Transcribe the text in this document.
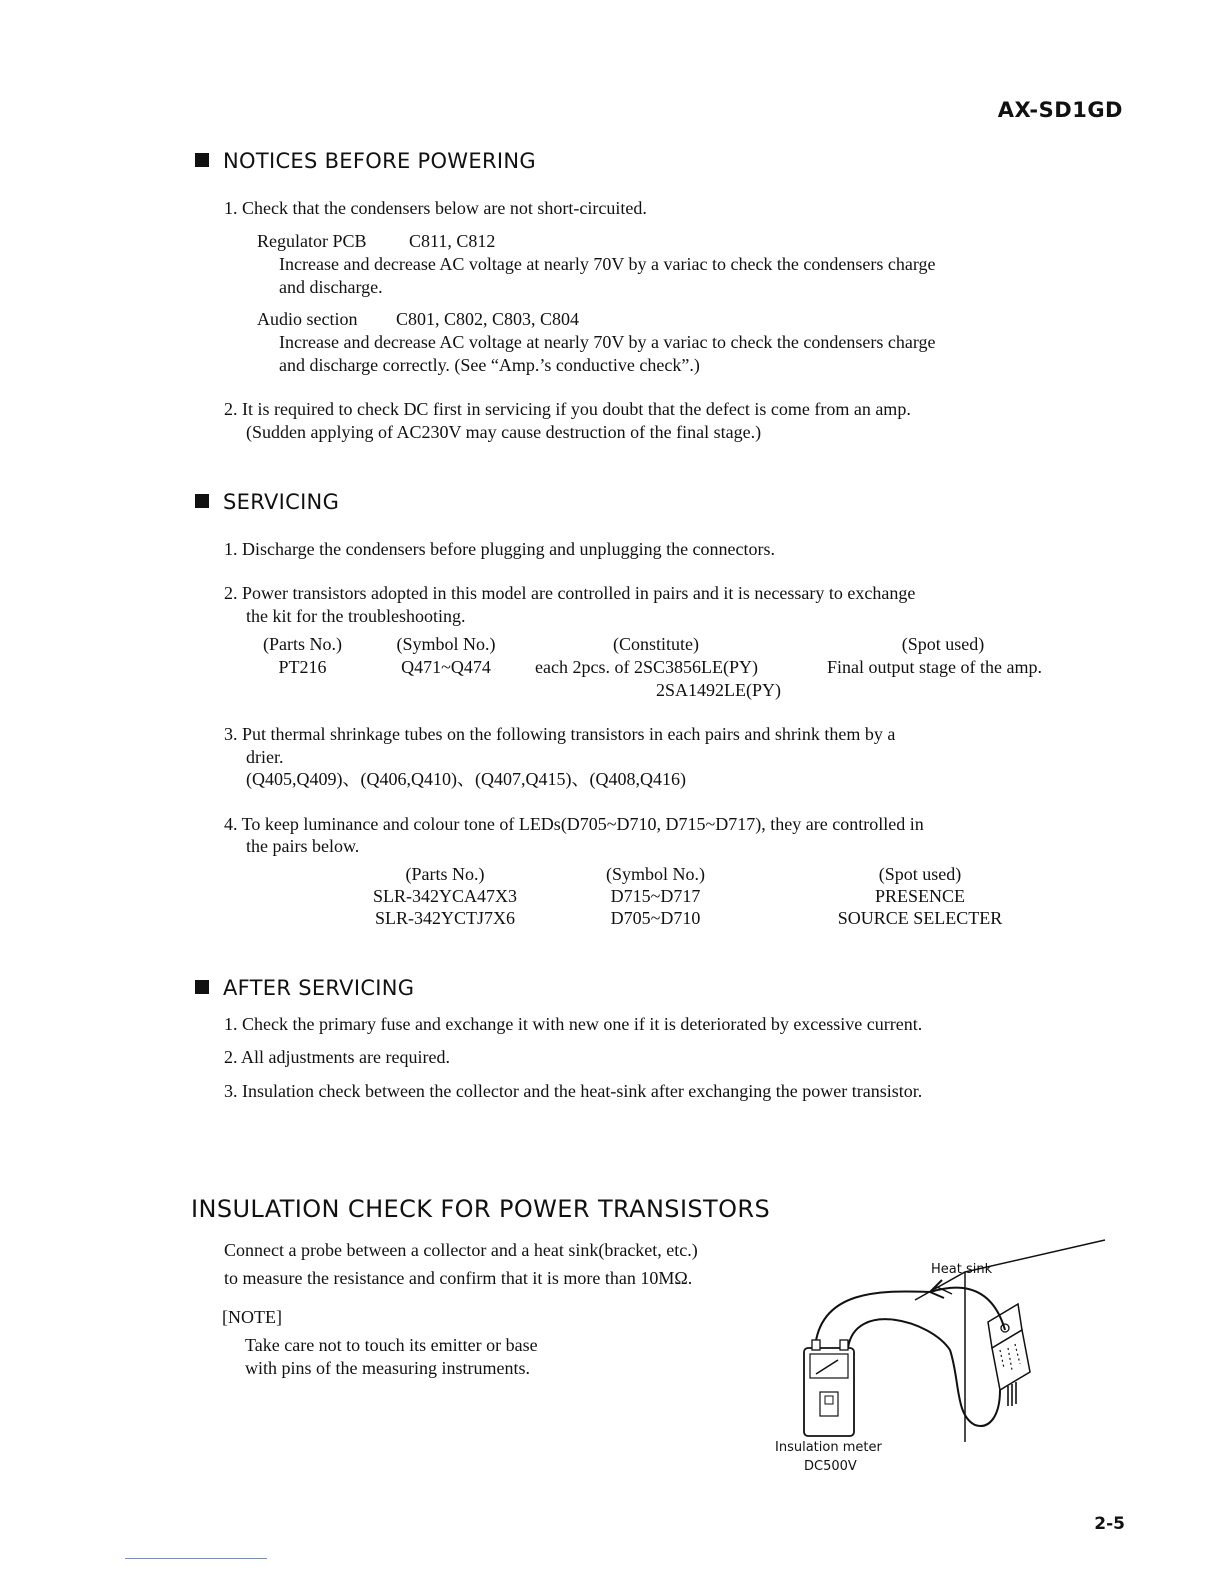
AX-SD1GD
NOTICES BEFORE POWERING
1. Check that the condensers below are not short-circuited.
Regulator PCB C811, C812
Increase and decrease AC voltage at nearly 70V by a variac to check the condensers charge
and discharge.
Audio section C801, C802, C803, C804
Increase and decrease AC voltage at nearly 70V by a variac to check the condensers charge
and discharge correctly. (See “Amp.’s conductive check”.)
2. It is required to check DC first in servicing if you doubt that the defect is come from an amp.
(Sudden applying of AC230V may cause destruction of the final stage.)
SERVICING
1. Discharge the condensers before plugging and unplugging the connectors.
2. Power transistors adopted in this model are controlled in pairs and it is necessary to exchange
the kit for the troubleshooting.
(Parts No.)	(Symbol No.)	(Constitute)	(Spot used)
PT216	Q471~Q474	each 2pcs. of 2SC3856LE(PY)	Final output stage of the amp.
2SA1492LE(PY)
3. Put thermal shrinkage tubes on the following transistors in each pairs and shrink them by a
drier.
(Q405,Q409)、(Q406,Q410)、(Q407,Q415)、(Q408,Q416)
4. To keep luminance and colour tone of LEDs(D705~D710, D715~D717), they are controlled in
the pairs below.
(Parts No.)	(Symbol No.)	(Spot used)
SLR-342YCA47X3	D715~D717	PRESENCE
SLR-342YCTJ7X6	D705~D710	SOURCE SELECTER
AFTER SERVICING
1. Check the primary fuse and exchange it with new one if it is deteriorated by excessive current.
2. All adjustments are required.
3. Insulation check between the collector and the heat-sink after exchanging the power transistor.
INSULATION CHECK FOR POWER TRANSISTORS
Connect a probe between a collector and a heat sink(bracket, etc.)
to measure the resistance and confirm that it is more than 10MΩ.
[NOTE]
Take care not to touch its emitter or base
with pins of the measuring instruments.
Heat sink
Insulation meter
DC500V
2-5
